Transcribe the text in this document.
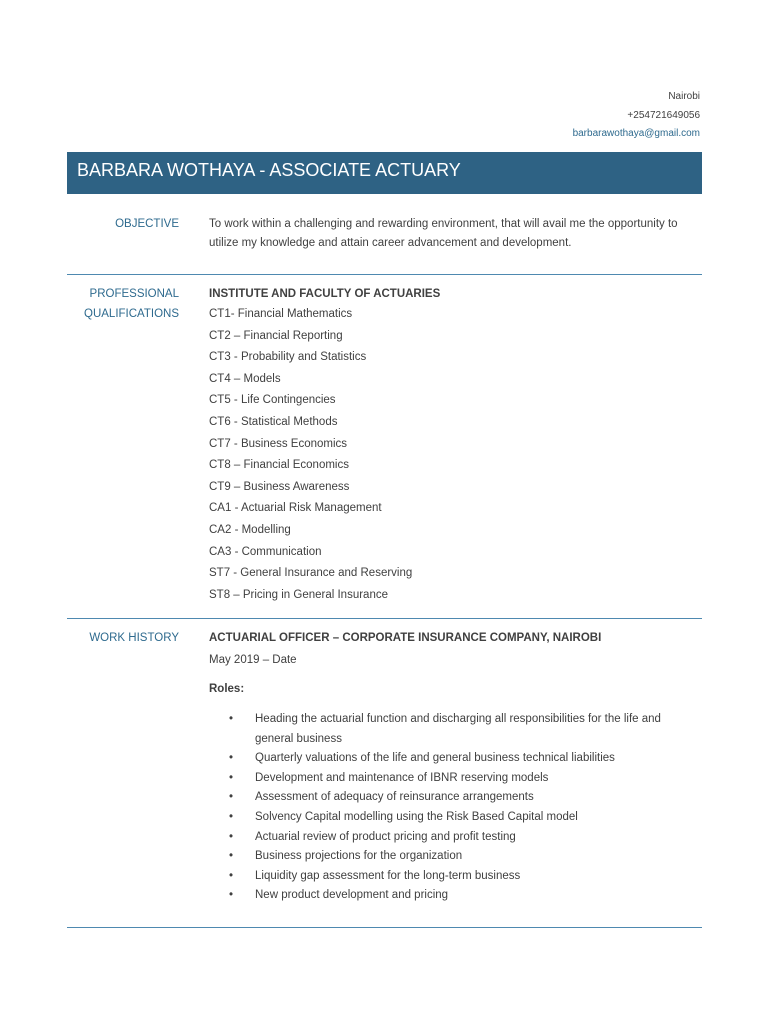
Nairobi
+254721649056
barbarawothaya@gmail.com
BARBARA WOTHAYA - ASSOCIATE ACTUARY
OBJECTIVE	To work within a challenging and rewarding environment, that will avail me the opportunity to utilize my knowledge and attain career advancement and development.
PROFESSIONAL
QUALIFICATIONS
INSTITUTE AND FACULTY OF ACTUARIES
CT1- Financial Mathematics
CT2 – Financial Reporting
CT3 - Probability and Statistics
CT4 – Models
CT5 - Life Contingencies
CT6 - Statistical Methods
CT7 - Business Economics
CT8 – Financial Economics
CT9 – Business Awareness
CA1 - Actuarial Risk Management
CA2 - Modelling
CA3 - Communication
ST7 - General Insurance and Reserving
ST8 – Pricing in General Insurance
WORK HISTORY	ACTUARIAL OFFICER – CORPORATE INSURANCE COMPANY, NAIROBI
May 2019 – Date
Roles:
• Heading the actuarial function and discharging all responsibilities for the life and general business
• Quarterly valuations of the life and general business technical liabilities
• Development and maintenance of IBNR reserving models
• Assessment of adequacy of reinsurance arrangements
• Solvency Capital modelling using the Risk Based Capital model
• Actuarial review of product pricing and profit testing
• Business projections for the organization
• Liquidity gap assessment for the long-term business
• New product development and pricing
